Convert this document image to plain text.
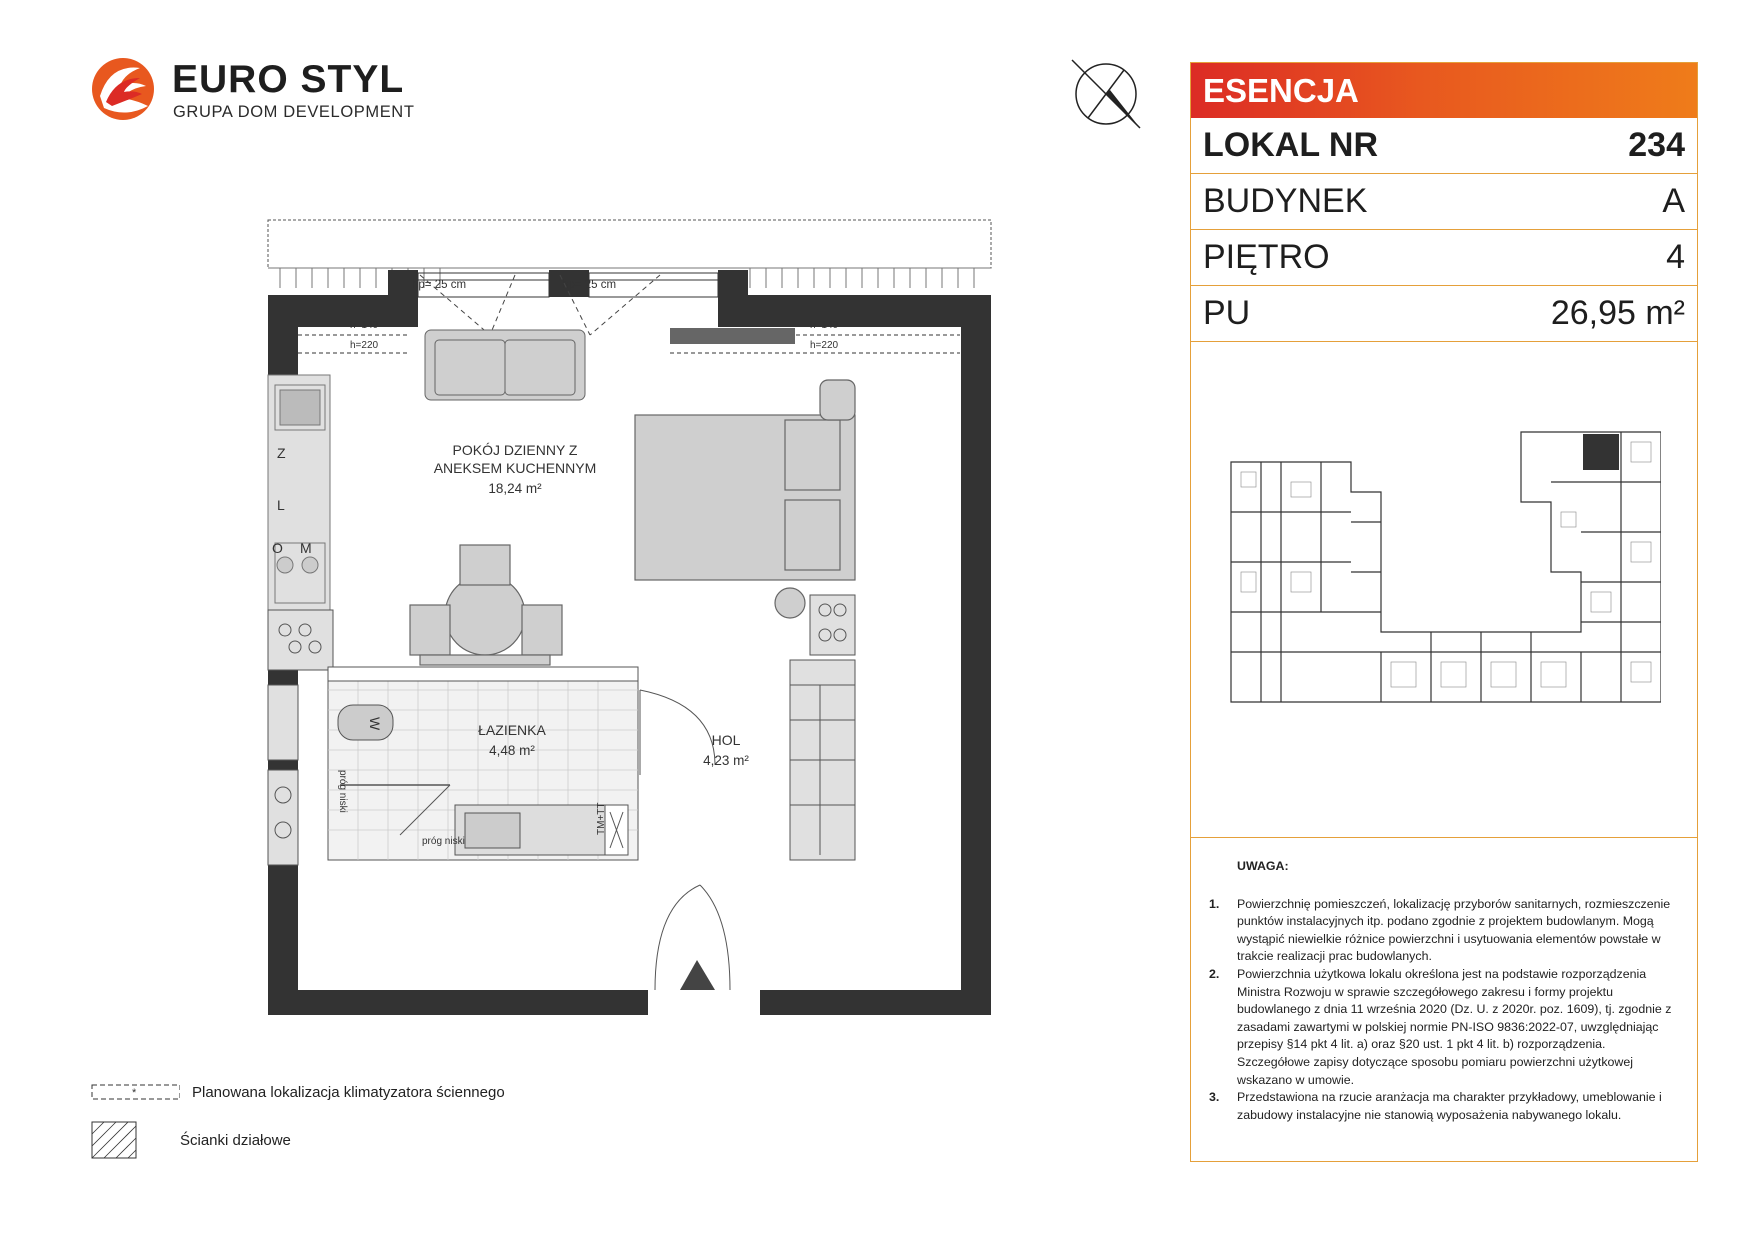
EURO STYL
GRUPA DOM DEVELOPMENT
h=140
h=220
h=140
h=220
hp= 25 cm	hp= 25 cm
Z
L
O M
W
próg niski
próg niski
TM+TT
POKÓJ DZIENNY Z
ANEKSEM KUCHENNYM
18,24 m²
ŁAZIENKA
4,48 m²
HOL
4,23 m²
*	Planowana lokalizacja klimatyzatora ściennego
Ścianki działowe
ESENCJA
LOKAL NR	234
BUDYNEK	A
PIĘTRO	4
PU	26,95 m²
UWAGA:
1.	Powierzchnię pomieszczeń, lokalizację przyborów sanitarnych, rozmieszczenie punktów instalacyjnych itp. podano zgodnie z projektem budowlanym. Mogą wystąpić niewielkie różnice powierzchni i usytuowania elementów powstałe w trakcie realizacji prac budowlanych.
2.	Powierzchnia użytkowa lokalu określona jest na podstawie rozporządzenia Ministra Rozwoju w sprawie szczegółowego zakresu i formy projektu budowlanego z dnia 11 września 2020 (Dz. U. z 2020r. poz. 1609), tj. zgodnie z zasadami zawartymi w polskiej normie PN-ISO 9836:2022-07, uwzględniając przepisy §14 pkt 4 lit. a) oraz §20 ust. 1 pkt 4 lit. b) rozporządzenia. Szczegółowe zapisy dotyczące sposobu pomiaru powierzchni użytkowej wskazano w umowie.
3.	Przedstawiona na rzucie aranżacja ma charakter przykładowy, umeblowanie i zabudowy instalacyjne nie stanowią wyposażenia nabywanego lokalu.
